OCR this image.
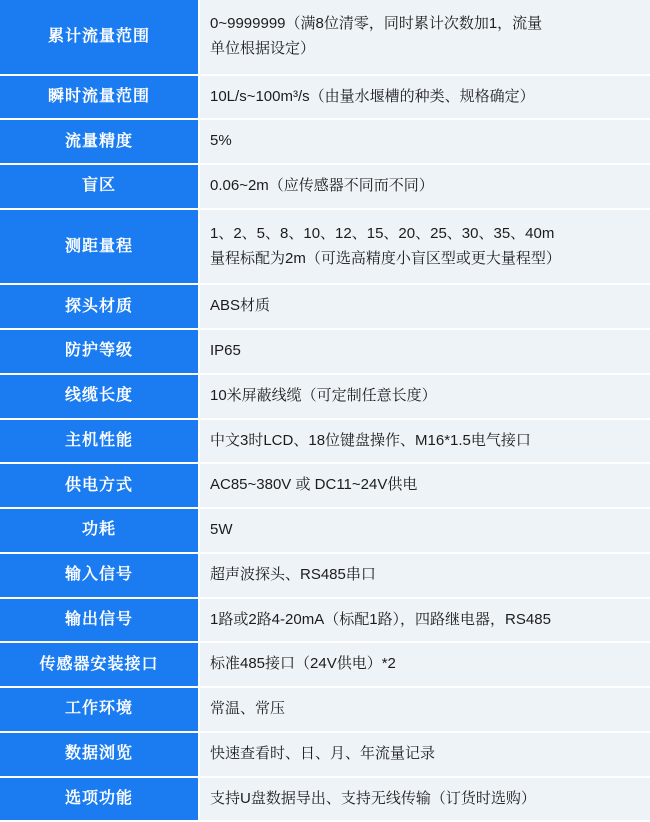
累计流量范围	0~9999999（满8位清零，同时累计次数加1，流量
单位根据设定）

瞬时流量范围	10L/s~100m³/s（由量水堰槽的种类、规格确定）

流量精度	5%

盲区	0.06~2m（应传感器不同而不同）

测距量程	1、2、5、8、10、12、15、20、25、30、35、40m
量程标配为2m（可选高精度小盲区型或更大量程型）

探头材质	ABS材质

防护等级	IP65

线缆长度	10米屏蔽线缆（可定制任意长度）

主机性能	中文3时LCD、18位键盘操作、M16*1.5电气接口

供电方式	AC85~380V 或 DC11~24V供电

功耗	5W

输入信号	超声波探头、RS485串口

输出信号	1路或2路4-20mA（标配1路），四路继电器，RS485

传感器安装接口	标准485接口（24V供电）*2

工作环境	常温、常压

数据浏览	快速查看时、日、月、年流量记录

选项功能	支持U盘数据导出、支持无线传输（订货时选购）
